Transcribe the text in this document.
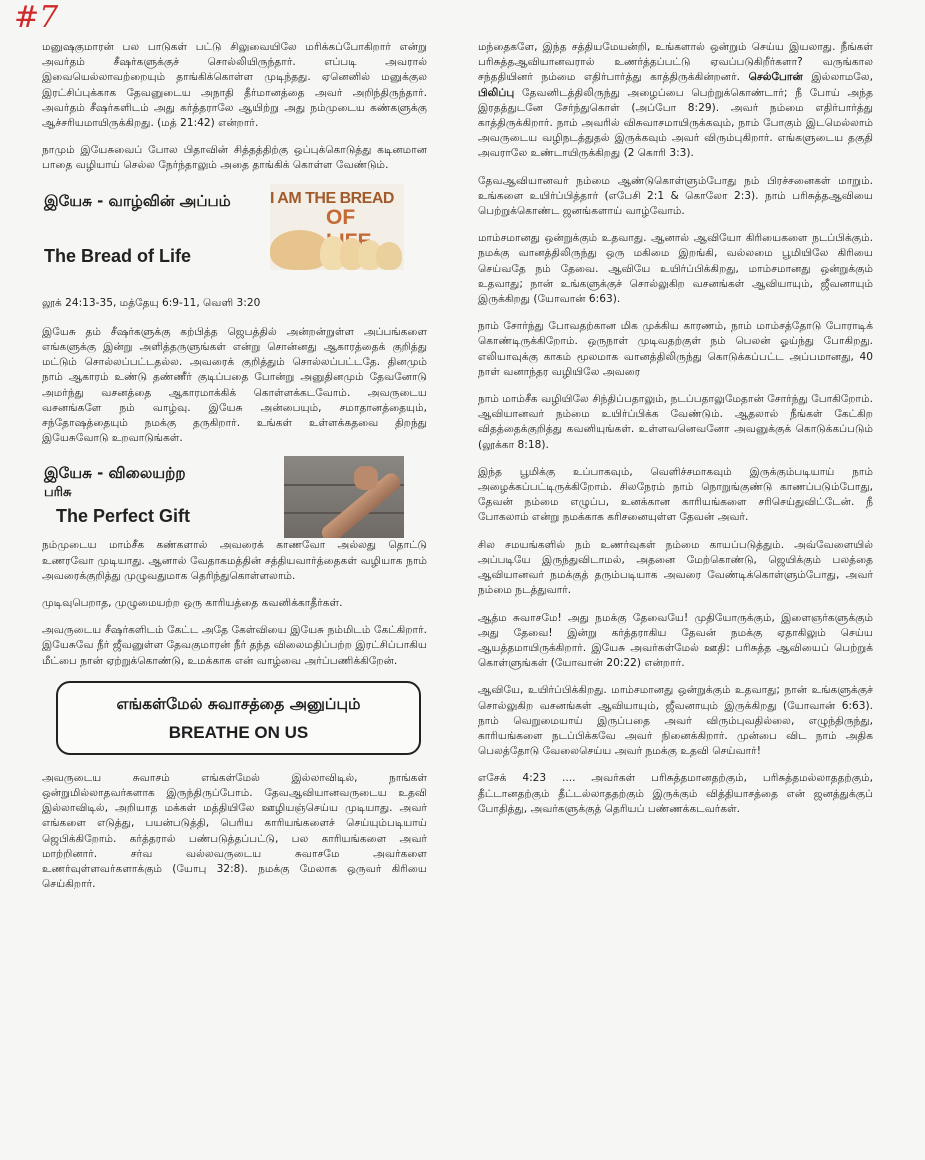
#7

மனுஷகுமாரன் பல பாடுகள் பட்டு சிலுவையிலே மரிக்கப்போகிறார் என்று அவர்தம் சீஷர்களுக்குச் சொல்லியிருந்தார். எப்படி அவரால் இவையெல்லாவற்றையும் தாங்கிக்கொள்ள முடிந்தது. ஏனெனில் மனுக்குல இரட்சிப்புக்காக தேவனுடைய அநாதி தீர்மானத்தை அவர் அறிந்திருந்தார். அவர்தம் சீஷர்களிடம் அது கர்த்தராலே ஆயிற்று அது நம்முடைய கண்களுக்கு ஆச்சரியமாயிருக்கிறது. (மத் 21:42) என்றார்.

நாமும் இயேசுவைப் போல பிதாவின் சித்தத்திற்கு ஒப்புக்கொடுத்து கடினமான பாதை வழியாய் செல்ல நேர்ந்தாலும் அதை தாங்கிக் கொள்ள வேண்டும்.

இயேசு - வாழ்வின் அப்பம்
The Bread of Life
I AM THE BREAD
OF

லூக் 24:13-35, மத்தேயு 6:9-11, வெளி 3:20

இயேசு தம் சீஷர்களுக்கு கற்பித்த ஜெபத்தில் அன்றன்றுள்ள அப்பங்களை எங்களுக்கு இன்று அளித்தருளுங்கள் என்று சொன்னது ஆகாரத்தைக் குறித்து மட்டும் சொல்லப்பட்டதல்ல. அவரைக் குறித்தும் சொல்லப்பட்டதே. தினமும் நாம் ஆகாரம் உண்டு தண்ணீர் குடிப்பதை போன்று அனுதினமும் தேவனோடு அமர்ந்து வசனத்தை ஆகாரமாக்கிக் கொள்ளக்கடவோம். அவருடைய வசனங்களே நம் வாழ்வு. இயேசு அன்பையும், சமாதானத்தையும், சந்தோஷத்தையும் நமக்கு தருகிறார். உங்கள் உள்ளக்கதவை திறந்து இயேசுவோடு உறவாடுங்கள்.

இயேசு - விலையற்ற
பரிசு
The Perfect Gift

நம்முடைய மாம்சீக கண்களால் அவரைக் காணவோ அல்லது தொட்டு உணரவோ முடியாது. ஆனால் வேதாகமத்தின் சத்தியவார்த்தைகள் வழியாக நாம் அவரைக்குறித்து முழுவதுமாக தெரிந்துகொள்ளலாம்.

முடிவுபெறாத, முழுமையற்ற ஒரு காரியத்தை கவனிக்காதீர்கள்.

அவருடைய சீஷர்களிடம் கேட்ட அதே கேள்வியை இயேசு நம்மிடம் கேட்கிறார். இயேசுவே நீர் ஜீவனுள்ள தேவகுமாரன் நீர் தந்த விலைமதிப்பற்ற இரட்சிப்பாகிய மீட்பை நான் ஏற்றுக்கொண்டு, உமக்காக என் வாழ்வை அர்ப்பணிக்கிறேன்.

எங்கள்மேல் சுவாசத்தை அனுப்பும்
BREATHE ON US

அவருடைய சுவாசம் எங்கள்மேல் இல்லாவிடில், நாங்கள் ஒன்றுமில்லாதவர்களாக இருந்திருப்போம். தேவஆவியானவருடைய உதவி இல்லாவிடில், அறியாத மக்கள் மத்தியிலே ஊழியஞ்செய்ய முடியாது. அவர் எங்களை எடுத்து, பயன்படுத்தி, பெரிய காரியங்களைச் செய்யும்படியாய் ஜெபிக்கிறோம். கர்த்தரால் பண்படுத்தப்பட்டு, பல காரியங்களை அவர் மாற்றினார். சர்வ வல்லவருடைய சுவாசமே அவர்களை உணர்வுள்ளவர்களாக்கும் (யோபு 32:8). நமக்கு மேலாக ஒருவர் கிரியை செய்கிறார்.

மந்தைகளே, இந்த சத்தியமேயன்றி, உங்களால் ஒன்றும் செய்ய இயலாது. நீங்கள் பரிசுத்தஆவியானவரால் உணர்த்தப்பட்டு ஏவப்படுகிறீர்களா? வருங்கால சந்ததியினர் நம்மை எதிர்பார்த்து காத்திருக்கின்றனர். செல்போன் இல்லாமலே, பிலிப்பு தேவனிடத்திலிருந்து அழைப்பை பெற்றுக்கொண்டார்; நீ போய் அந்த இரதத்துடனே சேர்ந்துகொள் (அப்போ 8:29). அவர் நம்மை எதிர்பார்த்து காத்திருக்கிறார். நாம் அவரில் விசுவாசமாயிருக்கவும், நாம் போகும் இடமெல்லாம் அவருடைய வழிநடத்துதல் இருக்கவும் அவர் விரும்புகிறார். எங்களுடைய தகுதி அவராலே உண்டாயிருக்கிறது (2 கொரி 3:3).

தேவஆவியானவர் நம்மை ஆண்டுகொள்ளும்போது நம் பிரச்சனைகள் மாறும். உங்களை உயிர்ப்பித்தார் (எபேசி 2:1 & கொலோ 2:3). நாம் பரிசுத்தஆவியை பெற்றுக்கொண்ட ஜனங்களாய் வாழ்வோம்.

மாம்சமானது ஒன்றுக்கும் உதவாது. ஆனால் ஆவியோ கிரியைகளை நடப்பிக்கும். நமக்கு வானத்திலிருந்து ஒரு மகிமை இறங்கி, வல்லமை பூமியிலே கிரியை செய்வதே நம் தேவை. ஆவியே உயிர்ப்பிக்கிறது, மாம்சமானது ஒன்றுக்கும் உதவாது; நான் உங்களுக்குச் சொல்லுகிற வசனங்கள் ஆவியாயும், ஜீவனாயும் இருக்கிறது (யோவான் 6:63).

நாம் சோர்ந்து போவதற்கான மிக முக்கிய காரணம், நாம் மாம்சத்தோடு போராடிக் கொண்டிருக்கிறோம். ஒருநாள் முடிவதற்குள் நம் பெலன் ஓய்ந்து போகிறது. எலியாவுக்கு காகம் மூலமாக வானத்திலிருந்து கொடுக்கப்பட்ட அப்பமானது, 40 நாள் வனாந்தர வழியிலே அவரை

நாம் மாம்சீக வழியிலே சிந்திப்பதாலும், நடப்பதாலுமேதான் சோர்ந்து போகிறோம். ஆவியானவர் நம்மை உயிர்ப்பிக்க வேண்டும். ஆதலால் நீங்கள் கேட்கிற விதத்தைக்குறித்து கவனியுங்கள். உள்ளவனெவனோ அவனுக்குக் கொடுக்கப்படும் (லூக்கா 8:18).

இந்த பூமிக்கு உப்பாகவும், வெளிச்சமாகவும் இருக்கும்படியாய் நாம் அழைக்கப்பட்டிருக்கிறோம். சிலநேரம் நாம் நொறுங்குண்டு காணப்படும்போது, தேவன் நம்மை எழுப்ப, உனக்கான காரியங்களை சரிசெய்துவிட்டேன். நீ போகலாம் என்று நமக்காக கரிசனையுள்ள தேவன் அவர்.

சில சமயங்களில் நம் உணர்வுகள் நம்மை காயப்படுத்தும். அவ்வேளையில் அப்படியே இருந்துவிடாமல், அதனை மேற்கொண்டு, ஜெயிக்கும் பலத்தை ஆவியானவர் நமக்குத் தரும்படியாக அவரை வேண்டிக்கொள்ளும்போது, அவர் நம்மை நடத்துவார்.

ஆத்ம சுவாசமே! அது நமக்கு தேவையே! முதியோருக்கும், இளைஞர்களுக்கும் அது தேவை! இன்று கர்த்தராகிய தேவன் நமக்கு ஏதாகிலும் செய்ய ஆயத்தமாயிருக்கிறார். இயேசு அவர்கள்மேல் ஊதி: பரிசுத்த ஆவியைப் பெற்றுக் கொள்ளுங்கள் (யோவான் 20:22) என்றார்.

ஆவியே, உயிர்ப்பிக்கிறது. மாம்சமானது ஒன்றுக்கும் உதவாது; நான் உங்களுக்குச் சொல்லுகிற வசனங்கள் ஆவியாயும், ஜீவனாயும் இருக்கிறது (யோவான் 6:63). நாம் வெறுமையாய் இருப்பதை அவர் விரும்புவதில்லை, எழுந்திருந்து, காரியங்களை நடப்பிக்கவே அவர் நினைக்கிறார். முன்பை விட நாம் அதிக பெலத்தோடு வேலைசெய்ய அவர் நமக்கு உதவி செய்வார்!

எசேக் 4:23 .... அவர்கள் பரிசுத்தமானதற்கும், பரிசுத்தமல்லாததற்கும், தீட்டானதற்கும் தீட்டல்லாததற்கும் இருக்கும் வித்தியாசத்தை என் ஜனத்துக்குப் போதித்து, அவர்களுக்குத் தெரியப் பண்ணக்கடவர்கள்.
